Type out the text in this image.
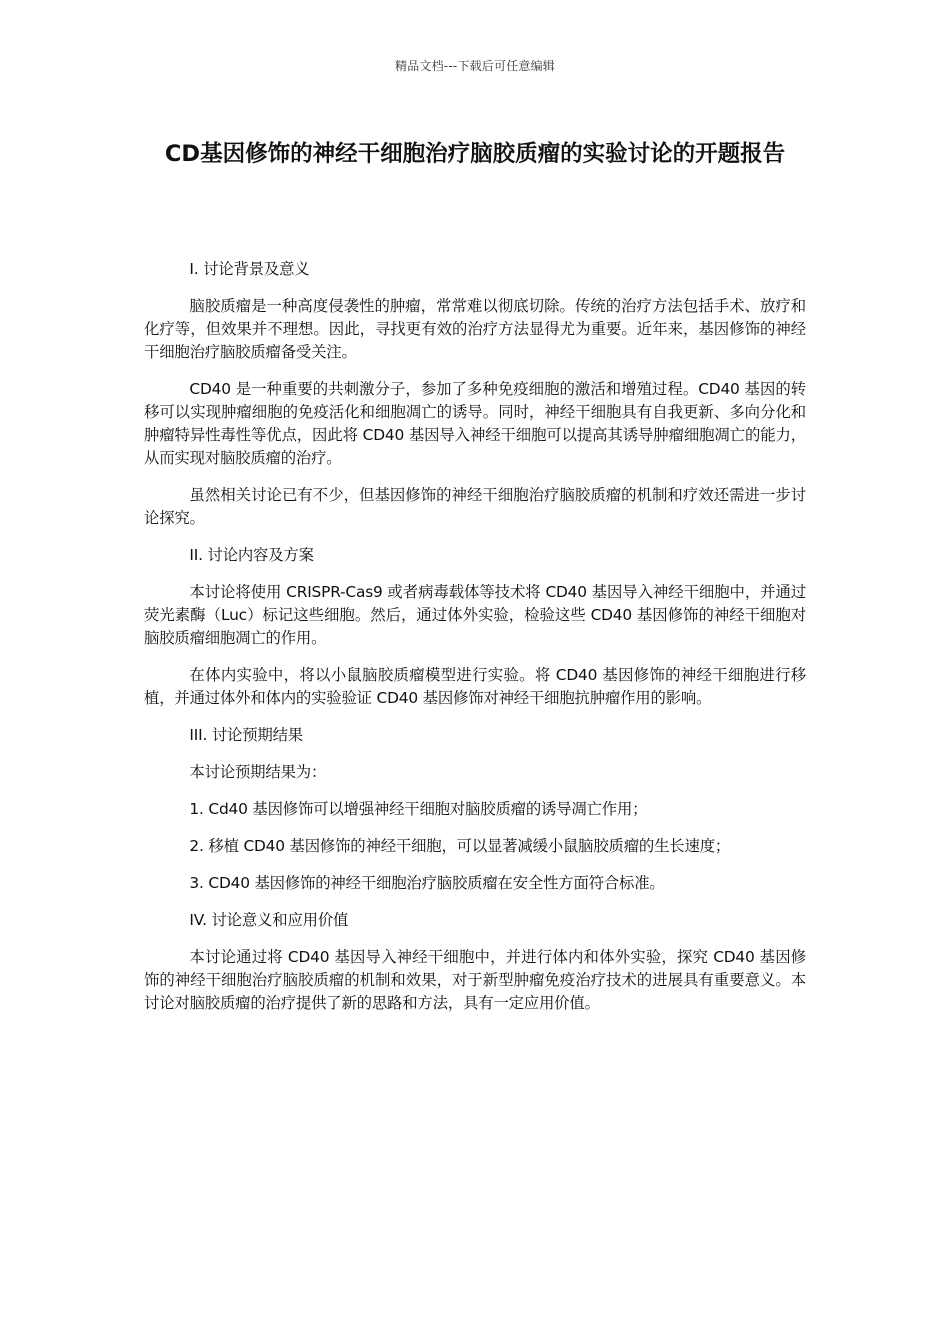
精品文档---下载后可任意编辑
CD基因修饰的神经干细胞治疗脑胶质瘤的实验讨论的开题报告

I. 讨论背景及意义

脑胶质瘤是一种高度侵袭性的肿瘤，常常难以彻底切除。传统的治疗方法包括手术、放疗和化疗等，但效果并不理想。因此，寻找更有效的治疗方法显得尤为重要。近年来，基因修饰的神经干细胞治疗脑胶质瘤备受关注。

CD40 是一种重要的共刺激分子，参加了多种免疫细胞的激活和增殖过程。CD40 基因的转移可以实现肿瘤细胞的免疫活化和细胞凋亡的诱导。同时，神经干细胞具有自我更新、多向分化和肿瘤特异性毒性等优点，因此将 CD40 基因导入神经干细胞可以提高其诱导肿瘤细胞凋亡的能力，从而实现对脑胶质瘤的治疗。

虽然相关讨论已有不少，但基因修饰的神经干细胞治疗脑胶质瘤的机制和疗效还需进一步讨论探究。

II. 讨论内容及方案

本讨论将使用 CRISPR-Cas9 或者病毒载体等技术将 CD40 基因导入神经干细胞中，并通过荧光素酶（Luc）标记这些细胞。然后，通过体外实验，检验这些 CD40 基因修饰的神经干细胞对脑胶质瘤细胞凋亡的作用。

在体内实验中，将以小鼠脑胶质瘤模型进行实验。将 CD40 基因修饰的神经干细胞进行移植，并通过体外和体内的实验验证 CD40 基因修饰对神经干细胞抗肿瘤作用的影响。

III. 讨论预期结果

本讨论预期结果为：

1. Cd40 基因修饰可以增强神经干细胞对脑胶质瘤的诱导凋亡作用；

2. 移植 CD40 基因修饰的神经干细胞，可以显著减缓小鼠脑胶质瘤的生长速度；

3. CD40 基因修饰的神经干细胞治疗脑胶质瘤在安全性方面符合标准。

IV. 讨论意义和应用价值

本讨论通过将 CD40 基因导入神经干细胞中，并进行体内和体外实验，探究 CD40 基因修饰的神经干细胞治疗脑胶质瘤的机制和效果，对于新型肿瘤免疫治疗技术的进展具有重要意义。本讨论对脑胶质瘤的治疗提供了新的思路和方法，具有一定应用价值。
